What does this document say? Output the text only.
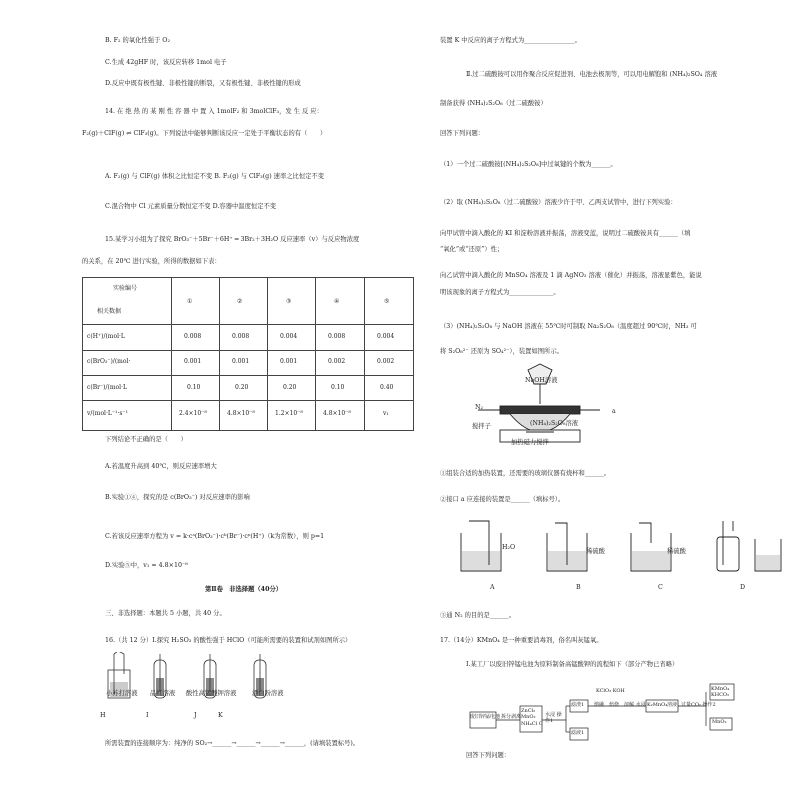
B. F₂ 的氧化性强于 O₂
C.生成 42gHF 时，该反应转移 1mol 电子
D.反应中既有极性键、非极性键的断裂，又有极性键、非极性键的形成
14. 在 绝 热 的 某 刚 性 容 器 中 置 入 1molF₂ 和 3molClF₃，发 生 反 应：
F₂(g)＋ClF(g) ⇌ ClF₃(g)。下列说法中能够判断该反应一定处于平衡状态的有（　　）
A. F₂(g) 与 ClF(g) 体积之比恒定不变 B. F₂(g) 与 ClF₃(g) 速率之比恒定不变
C.混合物中 Cl 元素质量分数恒定不变 D.容器中温度恒定不变
15.某学习小组为了探究 BrO₃⁻＋5Br⁻＋6H⁺ ═ 3Br₂＋3H₂O 反应速率（v）与反应物浓度
的关系，在 20℃ 进行实验，所得的数据如下表：
实验编号
相关数据
①	②	③	④	⑤
c(H⁺)/(mol·L	0.008	0.008	0.004	0.008	0.004
c(BrO₃⁻)/(mol·	0.001	0.001	0.001	0.002	0.002
c(Br⁻)/(mol·L	0.10	0.20	0.20	0.10	0.40
v/(mol·L⁻¹·s⁻¹	2.4×10⁻⁸	4.8×10⁻⁸	1.2×10⁻⁸	4.8×10⁻⁸	v₁
下列结论不正确的是（　　）
A.若温度升高到 40℃，则反应速率增大
B.实验①④，探究的是 c(BrO₃⁻) 对反应速率的影响
C.若该反应速率方程为 v = k·cᵃ(BrO₃⁻)·cᵇ(Br⁻)·cᵖ(H⁺)（k为常数），则 p=1
D.实验⑤中，v₁ = 4.8×10⁻⁸
第Ⅱ卷　非选择题（40分）
三、非选择题：本题共 5 小题，共 40 分。
16.（共 12 分）Ⅰ.探究 H₂SO₃ 的酸性强于 HClO（可能所需要的装置和试剂如图所示）
小苏打溶液 品红溶液 酸性高锰酸钾溶液 漂白粉溶液
H	I	J	K
所需装置的连接顺序为：纯净的 SO₂→______→______→______→______，(请填装置标号)。
装置 K 中反应的离子方程式为________________。
Ⅱ.过二硫酸铵可以用作聚合反应促进剂、电池去极剂等，可以用电解饱和 (NH₄)₂SO₄ 溶液
制备获得 (NH₄)₂S₂O₈（过二硫酸铵）
回答下列问题：
（1）一个过二硫酸铵[(NH₄)₂S₂O₈]中过氧键的个数为______。
（2）取 (NH₄)₂S₂O₈（过二硫酸铵）溶液少许于甲、乙两支试管中，进行下列实验：
向甲试管中滴入酸化的 KI 和淀粉溶液并振荡，溶液变蓝，说明过二硫酸铵具有______（填
“氧化”或“还原”）性；
向乙试管中滴入酸化的 MnSO₄ 溶液及 1 滴 AgNO₃ 溶液（催化）并振荡，溶液显紫色，能说
明该现象的离子方程式为______________。
（3）(NH₄)₂S₂O₈ 与 NaOH 溶液在 55℃时可制取 Na₂S₂O₈（温度超过 90℃时，NH₃ 可
将 S₂O₈²⁻ 还原为 SO₄²⁻），装置如图所示。
NaOH溶液
N₂
a
搅拌子	(NH₄)₂S₂O₈溶液
加热磁力搅拌
①组装合适的加热装置，还需要的玻璃仪器有烧杯和______。
②接口 a 应连接的装置是______（填标号）。
H₂O
稀硫酸	稀硫酸
A	B	C	D
③通 N₂ 的目的是______。
17.（14分）KMnO₄ 是一种重要消毒剂，俗名叫灰锰氧。
Ⅰ.某工厂以废旧锌锰电池为原料制备高锰酸钾的流程如下（部分产物已省略）
废旧锌锰电池 拆分剥离
ZnCl₂ MnO₂ NH₄Cl C
水浸 操作1
滤渣1
滤液1
KClO₃ KOH
熔融 焙烧 溶解 水浸 K₂MnO₄溶液 过量CO₂ 操作2
KMnO₄ KHCO₃
MnO₂
回答下列问题：
